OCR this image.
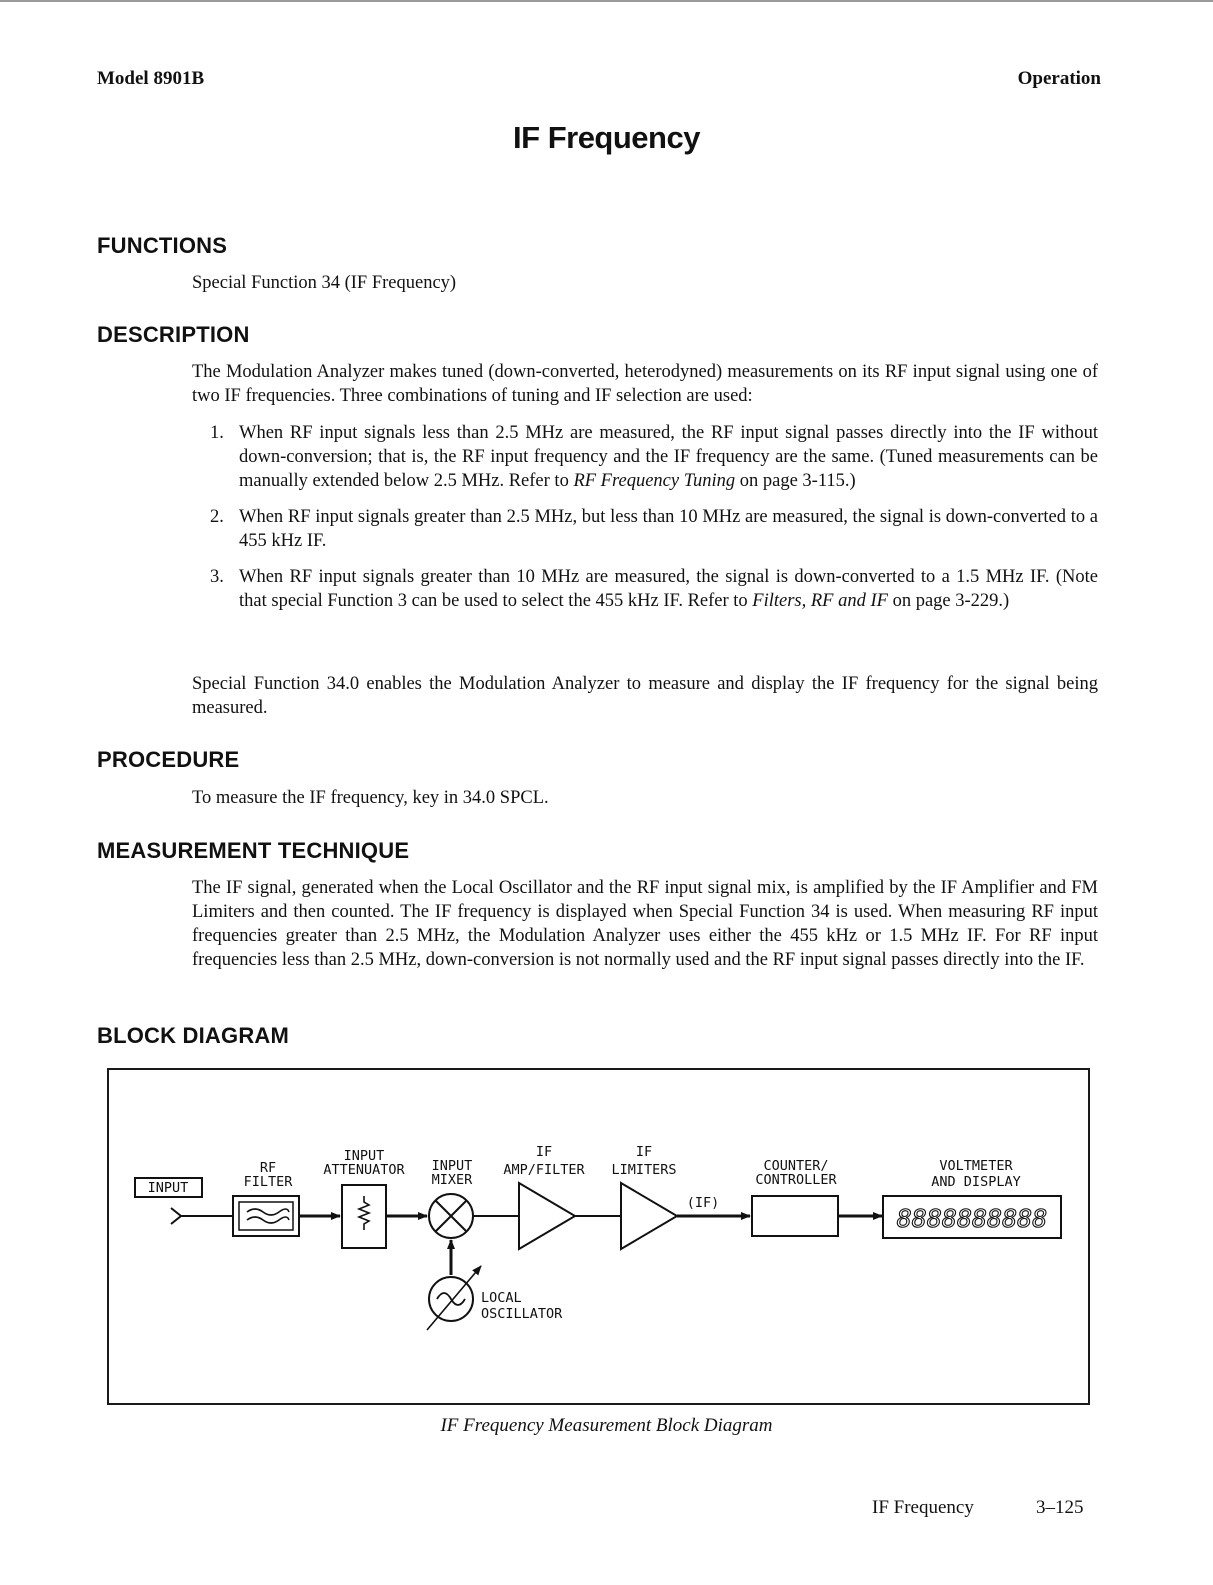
Model 8901B	Operation
IF Frequency
FUNCTIONS

Special Function 34 (IF Frequency)

DESCRIPTION

The Modulation Analyzer makes tuned (down-converted, heterodyned) measurements on its RF input signal using one of two IF frequencies. Three combinations of tuning and IF selection are used:

1. When RF input signals less than 2.5 MHz are measured, the RF input signal passes directly into the IF without down-conversion; that is, the RF input frequency and the IF frequency are the same. (Tuned measurements can be manually extended below 2.5 MHz. Refer to RF Frequency Tuning on page 3-115.)
2. When RF input signals greater than 2.5 MHz, but less than 10 MHz are measured, the signal is down-converted to a 455 kHz IF.
3. When RF input signals greater than 10 MHz are measured, the signal is down-converted to a 1.5 MHz IF. (Note that special Function 3 can be used to select the 455 kHz IF. Refer to Filters, RF and IF on page 3-229.)

Special Function 34.0 enables the Modulation Analyzer to measure and display the IF frequency for the signal being measured.

PROCEDURE

To measure the IF frequency, key in 34.0 SPCL.

MEASUREMENT TECHNIQUE

The IF signal, generated when the Local Oscillator and the RF input signal mix, is amplified by the IF Amplifier and FM Limiters and then counted. The IF frequency is displayed when Special Function 34 is used. When measuring RF input frequencies greater than 2.5 MHz, the Modulation Analyzer uses either the 455 kHz or 1.5 MHz IF. For RF input frequencies less than 2.5 MHz, down-conversion is not normally used and the RF input signal passes directly into the IF.

BLOCK DIAGRAM
INPUT
RF
FILTER
INPUT
ATTENUATOR INPUT
MIXER
LOCAL
OSCILLATOR
IF
AMP/FILTER
IF
LIMITERS
(IF)
COUNTER/
CONTROLLER
VOLTMETER
AND DISPLAY
8888888888
IF Frequency Measurement Block Diagram
IF Frequency	3–125
